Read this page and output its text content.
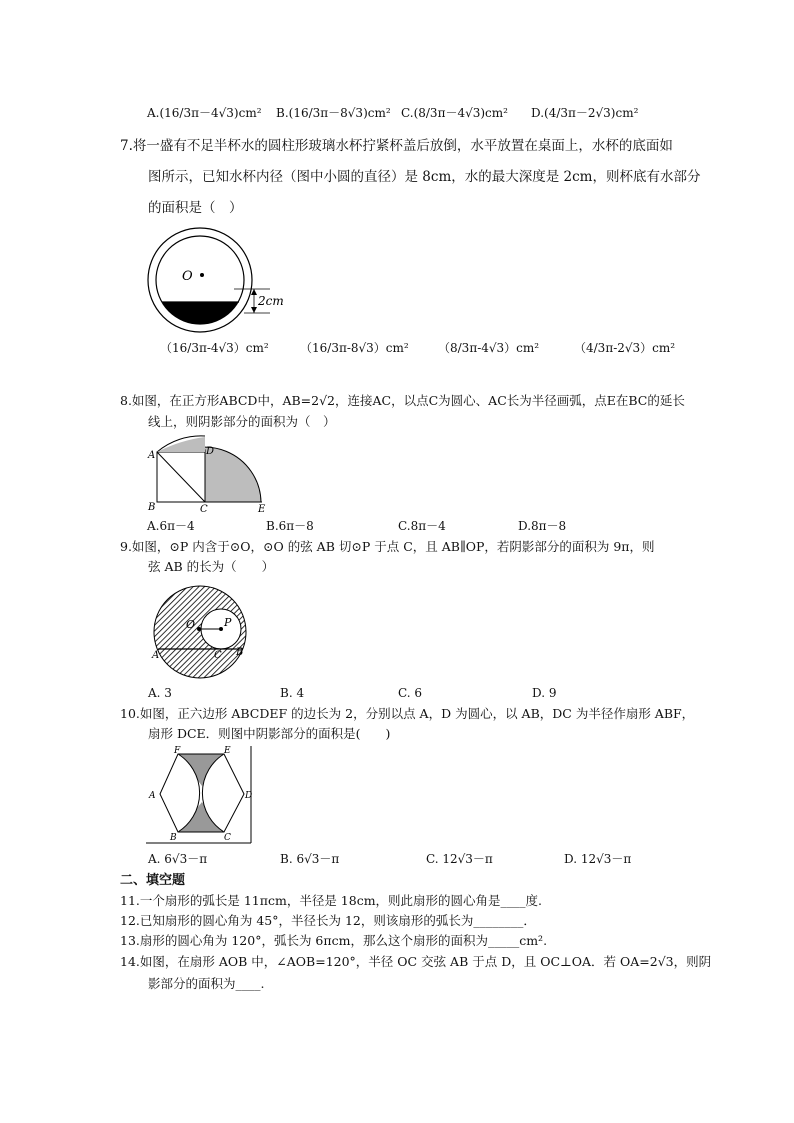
A.(16/3π－4√3)cm² B.(16/3π－8√3)cm² C.(8/3π－4√3)cm² D.(4/3π－2√3)cm²
7.将一盛有不足半杯水的圆柱形玻璃水杯拧紧杯盖后放倒，水平放置在桌面上，水杯的底面如
图所示，已知水杯内径（图中小圆的直径）是 8cm，水的最大深度是 2cm，则杯底有水部分
的面积是（　）
O
2cm
（16/3π-4√3）cm²	（16/3π-8√3）cm² （8/3π-4√3）cm²	（4/3π-2√3）cm²
8.如图，在正方形ABCD中，AB=2√2，连接AC，以点C为圆心、AC长为半径画弧，点E在BC的延长
线上，则阴影部分的面积为（　）
A	D
B	C	E
A.6π－4	B.6π－8	C.8π－4	D.8π－8
9.如图，⊙P 内含于⊙O，⊙O 的弦 AB 切⊙P 于点 C，且 AB∥OP，若阴影部分的面积为 9π，则
弦 AB 的长为（　　）
O	P
A	C B
A. 3	B. 4	C. 6	D. 9
10.如图，正六边形 ABCDEF 的边长为 2，分别以点 A，D 为圆心，以 AB，DC 为半径作扇形 ABF，
扇形 DCE．则图中阴影部分的面积是(　　)
F	E
A	D
B	C
A. 6√3－π	B. 6√3－π	C. 12√3－π	D. 12√3－π
二、填空题
11.一个扇形的弧长是 11πcm，半径是 18cm，则此扇形的圆心角是____度.
12.已知扇形的圆心角为 45°，半径长为 12，则该扇形的弧长为________．
13.扇形的圆心角为 120°，弧长为 6πcm，那么这个扇形的面积为_____cm².
14.如图，在扇形 AOB 中，∠AOB=120°，半径 OC 交弦 AB 于点 D，且 OC⊥OA．若 OA=2√3，则阴
影部分的面积为____.
